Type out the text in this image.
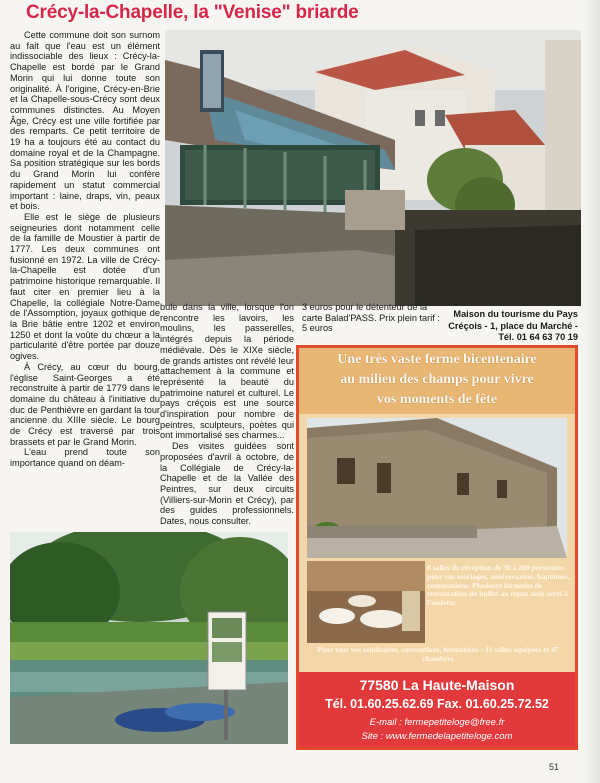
Crécy-la-Chapelle, la "Venise" briarde

Cette commune doit son surnom au fait que l'eau est un élément indissociable des lieux : Crécy-la-Chapelle est bordé par le Grand Morin qui lui donne toute son originalité. À l'origine, Crécy-en-Brie et la Chapelle-sous-Crécy sont deux communes distinctes. Au Moyen Âge, Crécy est une ville fortifiée par des remparts. Ce petit territoire de 19 ha a toujours été au contact du domaine royal et de la Champagne. Sa position stratégique sur les bords du Grand Morin lui confère rapidement un statut commercial important : laine, draps, vin, peaux et bois.

Elle est le siège de plusieurs seigneuries dont notamment celle de la famille de Moustier à partir de 1777. Les deux communes ont fusionné en 1972. La ville de Crécy-la-Chapelle est dotée d'un patrimoine historique remarquable. Il faut citer en premier lieu à la Chapelle, la collégiale Notre-Dame de l'Assomption, joyaux gothique de la Brie bâtie entre 1202 et environ 1250 et dont la voûte du chœur a la particularité d'être portée par douze ogives.

À Crécy, au cœur du bourg, l'église Saint-Georges a été reconstruite à partir de 1779 dans le domaine du château à l'initiative du duc de Penthièvre en gardant la tour ancienne du XIIIe siècle. Le bourg de Crécy est traversé par trois brassets et par le Grand Morin.

L'eau prend toute son importance quand on déam-

bule dans la ville, lorsque l'on rencontre les lavoirs, les moulins, les passerelles, intégrés depuis la période médiévale. Dès le XIXe siècle, de grands artistes ont révélé leur attachement à la commune et représenté la beauté du patrimoine naturel et culturel. Le pays créçois est une source d'inspiration pour nombre de peintres, sculpteurs, poètes qui ont immortalisé ses charmes...

Des visites guidées sont proposées d'avril à octobre, de la Collégiale de Crécy-la-Chapelle et de la Vallée des Peintres, sur deux circuits (Villiers-sur-Morin et Crécy), par des guides professionnels. Dates, nous consulter.

3 euros pour le détenteur de la carte Balad'PASS. Prix plein tarif : 5 euros
Maison du tourisme du Pays Créçois - 1, place du Marché - Tél. 01 64 63 70 19
Une très vaste ferme bicentenaire
au milieu des champs pour vivre
vos moments de fête
6 salles de réception de 30 à 280 personnes pour vos mariages, anniversaires, baptêmes, communions. Plusieurs formules de restauration du buffet au repas assis servi à l'assiette.
Pour tous vos séminaires, conventions, formations : 11 salles équipées et 47 chambres
77580 La Haute-Maison
Tél. 01.60.25.62.69 Fax. 01.60.25.72.52
E-mail : fermepetiteloge@free.fr
Site : www.fermedelapetiteloge.com
51
